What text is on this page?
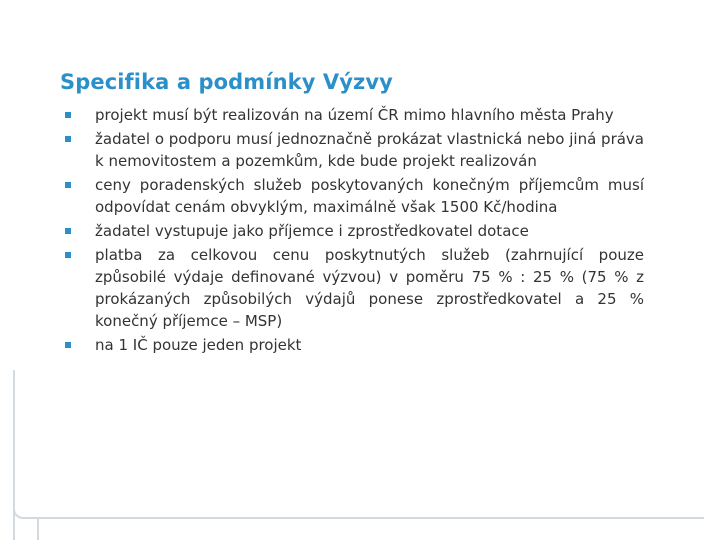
Specifika a podmínky Výzvy
projekt musí být realizován na území ČR mimo hlavního města Prahy
žadatel o podporu musí jednoznačně prokázat vlastnická nebo jiná práva k nemovitostem a pozemkům, kde bude projekt realizován
ceny poradenských služeb poskytovaných konečným příjemcům musí odpovídat cenám obvyklým, maximálně však 1500 Kč/hodina
žadatel vystupuje jako příjemce i zprostředkovatel dotace
platba za celkovou cenu poskytnutých služeb (zahrnující pouze způsobilé výdaje definované výzvou) v poměru 75 % : 25 % (75 % z prokázaných způsobilých výdajů ponese zprostředkovatel a 25 % konečný příjemce – MSP)
na 1 IČ pouze jeden projekt
